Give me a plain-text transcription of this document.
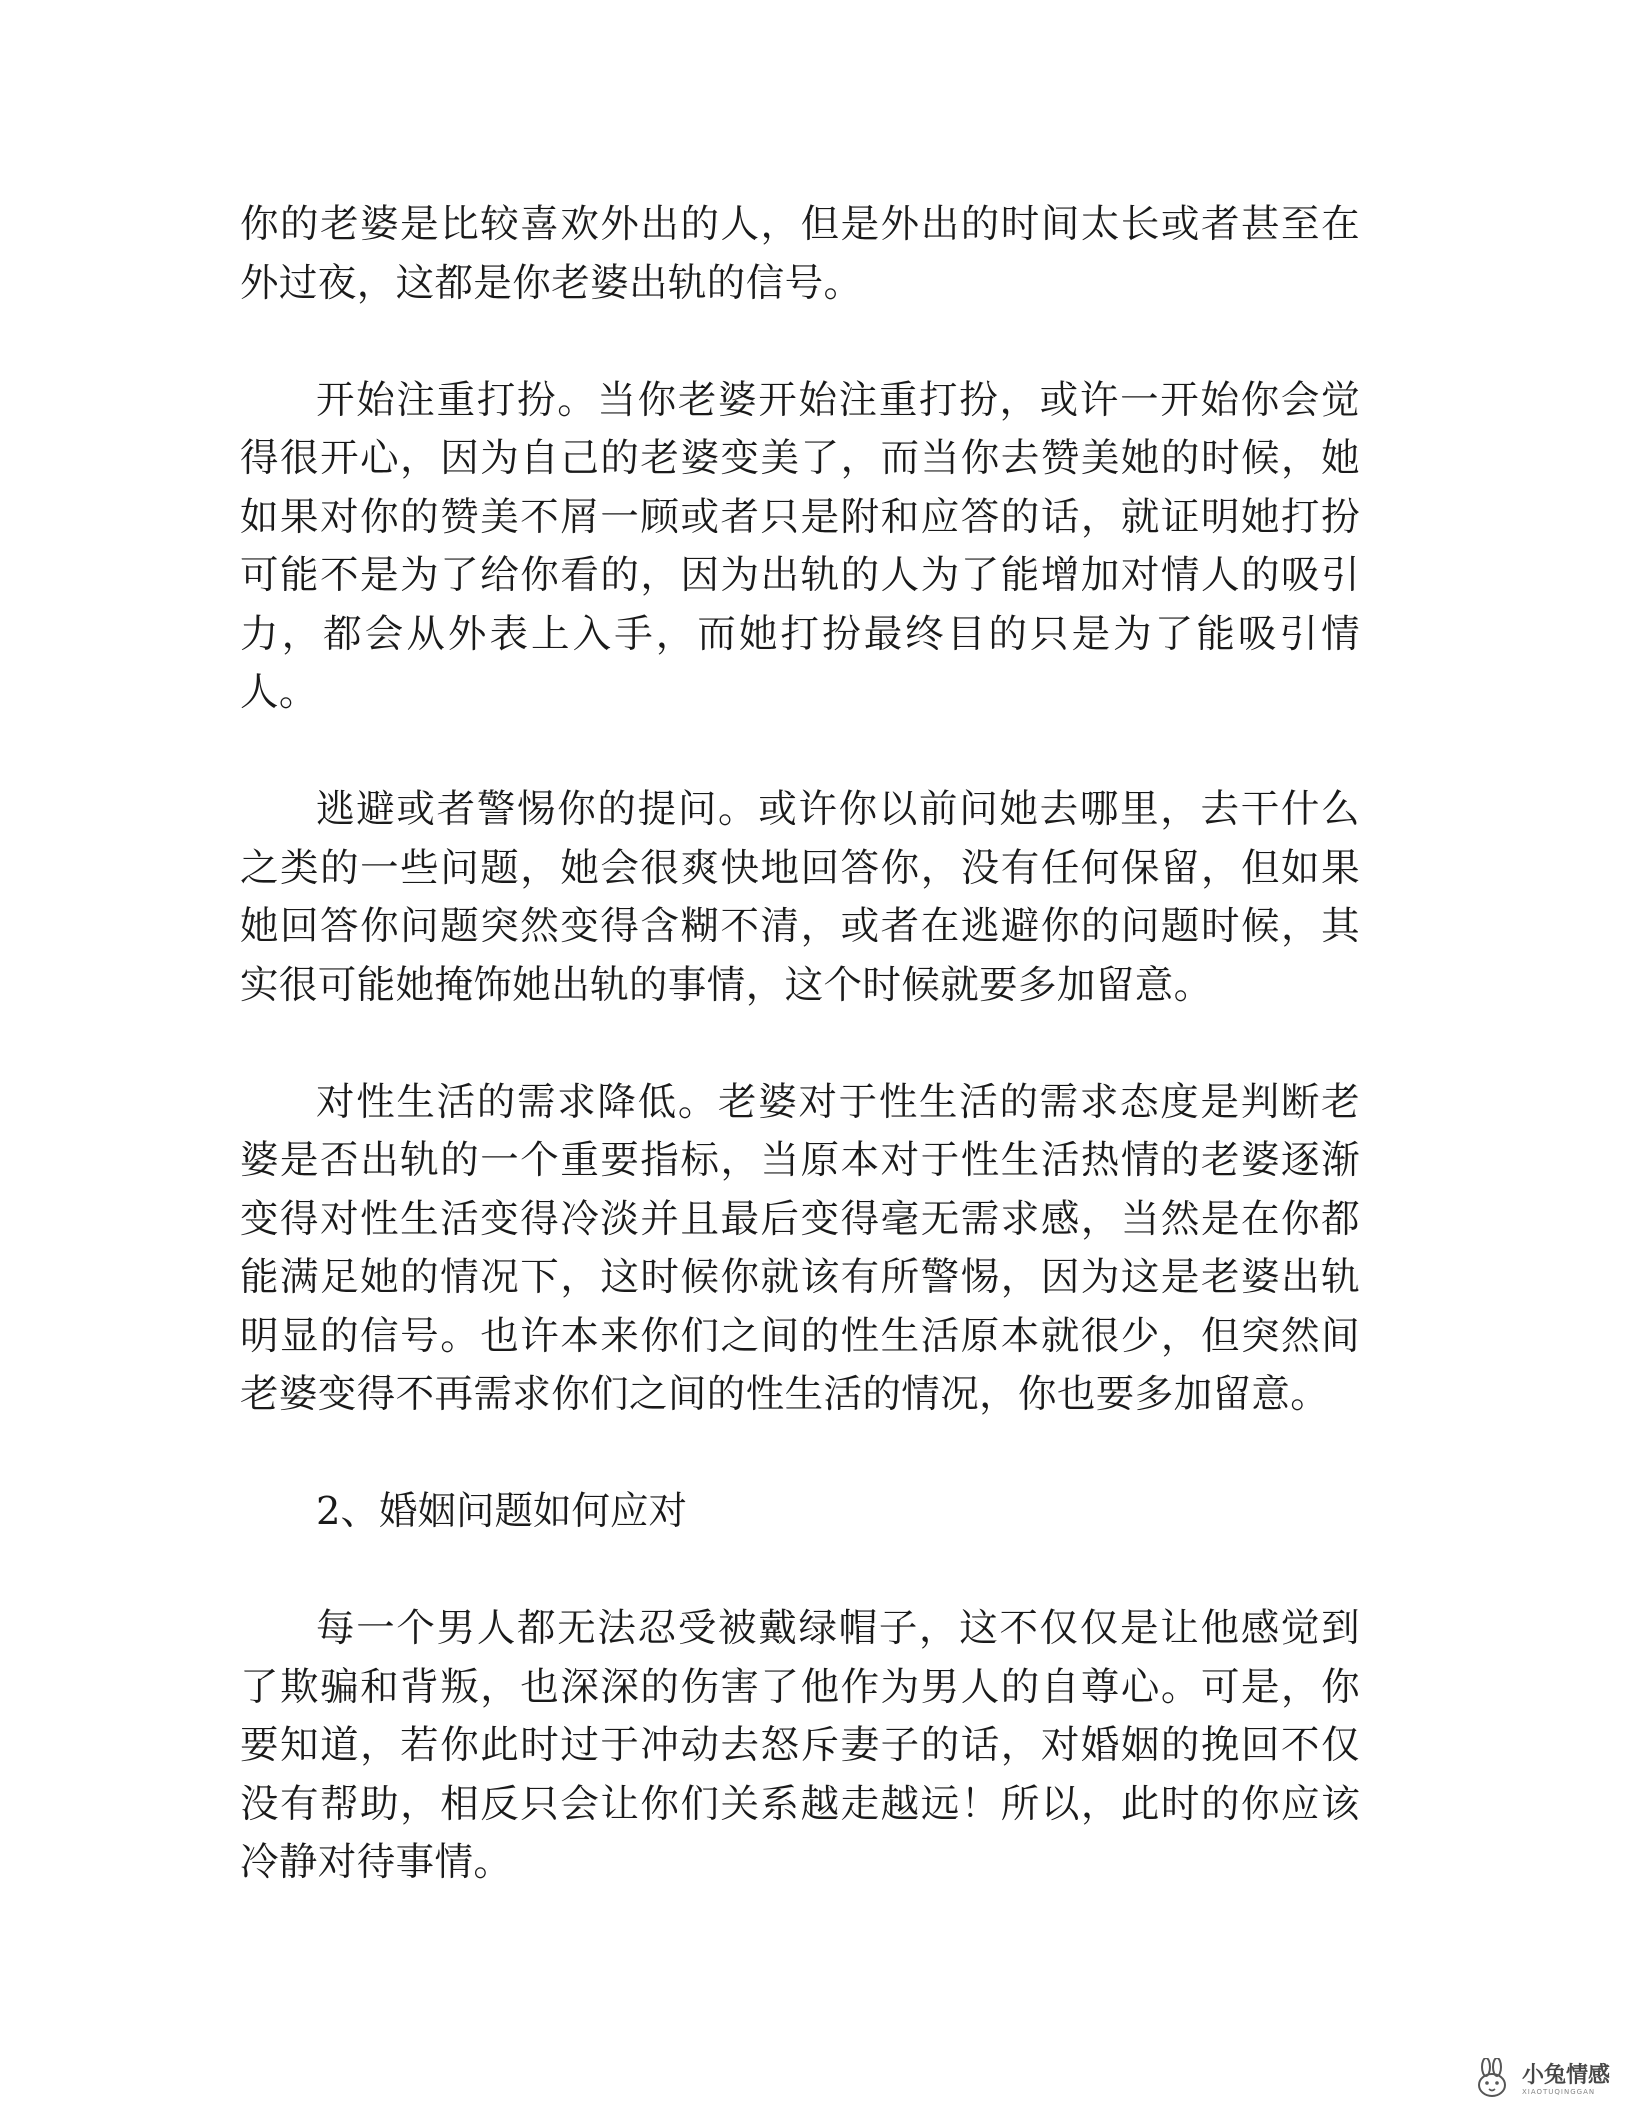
你的老婆是比较喜欢外出的人，但是外出的时间太长或者甚至在外过夜，这都是你老婆出轨的信号。

开始注重打扮。当你老婆开始注重打扮，或许一开始你会觉得很开心，因为自己的老婆变美了，而当你去赞美她的时候，她如果对你的赞美不屑一顾或者只是附和应答的话，就证明她打扮可能不是为了给你看的，因为出轨的人为了能增加对情人的吸引力，都会从外表上入手，而她打扮最终目的只是为了能吸引情人。

逃避或者警惕你的提问。或许你以前问她去哪里，去干什么之类的一些问题，她会很爽快地回答你，没有任何保留，但如果她回答你问题突然变得含糊不清，或者在逃避你的问题时候，其实很可能她掩饰她出轨的事情，这个时候就要多加留意。

对性生活的需求降低。老婆对于性生活的需求态度是判断老婆是否出轨的一个重要指标，当原本对于性生活热情的老婆逐渐变得对性生活变得冷淡并且最后变得毫无需求感，当然是在你都能满足她的情况下，这时候你就该有所警惕，因为这是老婆出轨明显的信号。也许本来你们之间的性生活原本就很少，但突然间老婆变得不再需求你们之间的性生活的情况，你也要多加留意。

2、婚姻问题如何应对

每一个男人都无法忍受被戴绿帽子，这不仅仅是让他感觉到了欺骗和背叛，也深深的伤害了他作为男人的自尊心。可是，你要知道，若你此时过于冲动去怒斥妻子的话，对婚姻的挽回不仅没有帮助，相反只会让你们关系越走越远！所以，此时的你应该冷静对待事情。

小兔情感
XIAOTUQINGGAN
